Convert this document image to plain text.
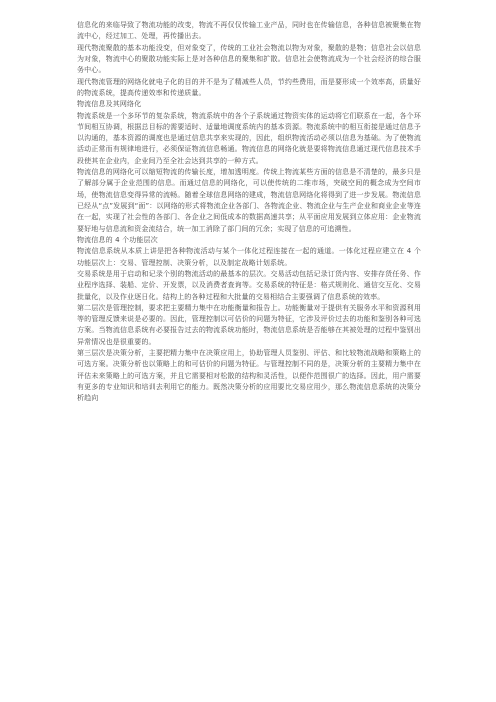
信息化的来临导致了物流功能的改变，物流不再仅仅传输工业产品，同时也在传输信息，各种信息被聚集在物流中心，经过加工、处理，再传播出去。

现代物流聚散的基本功能没变，但对象变了，传统的工业社会物流以物为对象，聚散的是物；信息社会以信息为对象，物流中心的聚散功能实际上是对各种信息的聚集和扩散。信息社会使物流成为一个社会经济的综合服务中心。

现代物流管理的网络化就电子化的目的并不是为了精减些人员，节约些费用，而是要形成一个效率高，质量好的物流系统，提高传递效率和传递质量。

物流信息及其网络化

物流系统是一个多环节的复杂系统，物流系统中的各个子系统通过物资实体的运动将它们联系在一起，各个环节间相互协调，根据总目标的需要适时、适量地调度系统内的基本资源。物流系统中的相互衔接是通过信息予以沟通的，基本资源的调度也是通过信息共享来实现的，因此，组织物流活动必须以信息为基础。为了使物流活动正常而有规律地进行，必须保证物流信息畅通。物流信息的网络化就是要将物流信息通过现代信息技术手段使其在企业内，企业间乃至全社会达到共享的一种方式。

物流信息的网络化可以缩短物流的传输长度，增加透明度。传统上物流某些方面的信息是不清楚的，最多只是了解部分属于企业范围的信息。而通过信息的网络化，可以使传统的二维市场，突破空间的概念成为空间市场，使物流信息变得异常的流畅。随着全球信息网络的建成，物流信息网络化将得到了进一步发展。物流信息已经从“点”发展到“面”：以网络的形式将物流企业各部门、各物流企业、物流企业与生产企业和商业企业等连在一起，实现了社会性的各部门、各企业之间低成本的数据高速共享；从平面应用发展到立体应用：企业物流要好地与信息流和资金流结合，统一加工消除了部门间的冗余；实现了信息的可追溯性。

物流信息的 4 个功能层次

物流信息系统从本质上讲是把各种物流活动与某个一体化过程连接在一起的通道。一体化过程应建立在 4 个功能层次上：交易、管理控制、决策分析，以及制定战略计划系统。

交易系统是用于启动和记录个别的物流活动的最基本的层次。交易活动包括记录订货内容、安排存货任务、作业程序选择、装船、定价、开发票，以及消费者查询等。交易系统的特征是：格式规则化、通信交互化、交易批量化，以及作业逐日化。结构上的各种过程和大批量的交易相结合主要强调了信息系统的效率。

第二层次是管理控制，要求把主要精力集中在功能衡量和报告上。功能衡量对于提供有关服务水平和资源利用等的管理反馈来说是必要的。因此，管理控制以可估价的问题为特征，它涉及评价过去的功能和鉴别各种可选方案。当物流信息系统有必要报告过去的物流系统功能时，物流信息系统是否能够在其被处理的过程中鉴别出异常情况也是很重要的。

第三层次是决策分析，主要把精力集中在决策应用上，协助管理人员鉴别、评估、和比较物流战略和策略上的可选方案。决策分析也以策略上的和可估价的问题为特征。与管理控制不同的是，决策分析的主要精力集中在评估未来策略上的可选方案，并且它需要相对松散的结构和灵活性，以便作范围很广的选择。因此，用户需要有更多的专业知识和培训去利用它的能力。既然决策分析的应用要比交易应用少，那么物流信息系统的决策分析趋向
